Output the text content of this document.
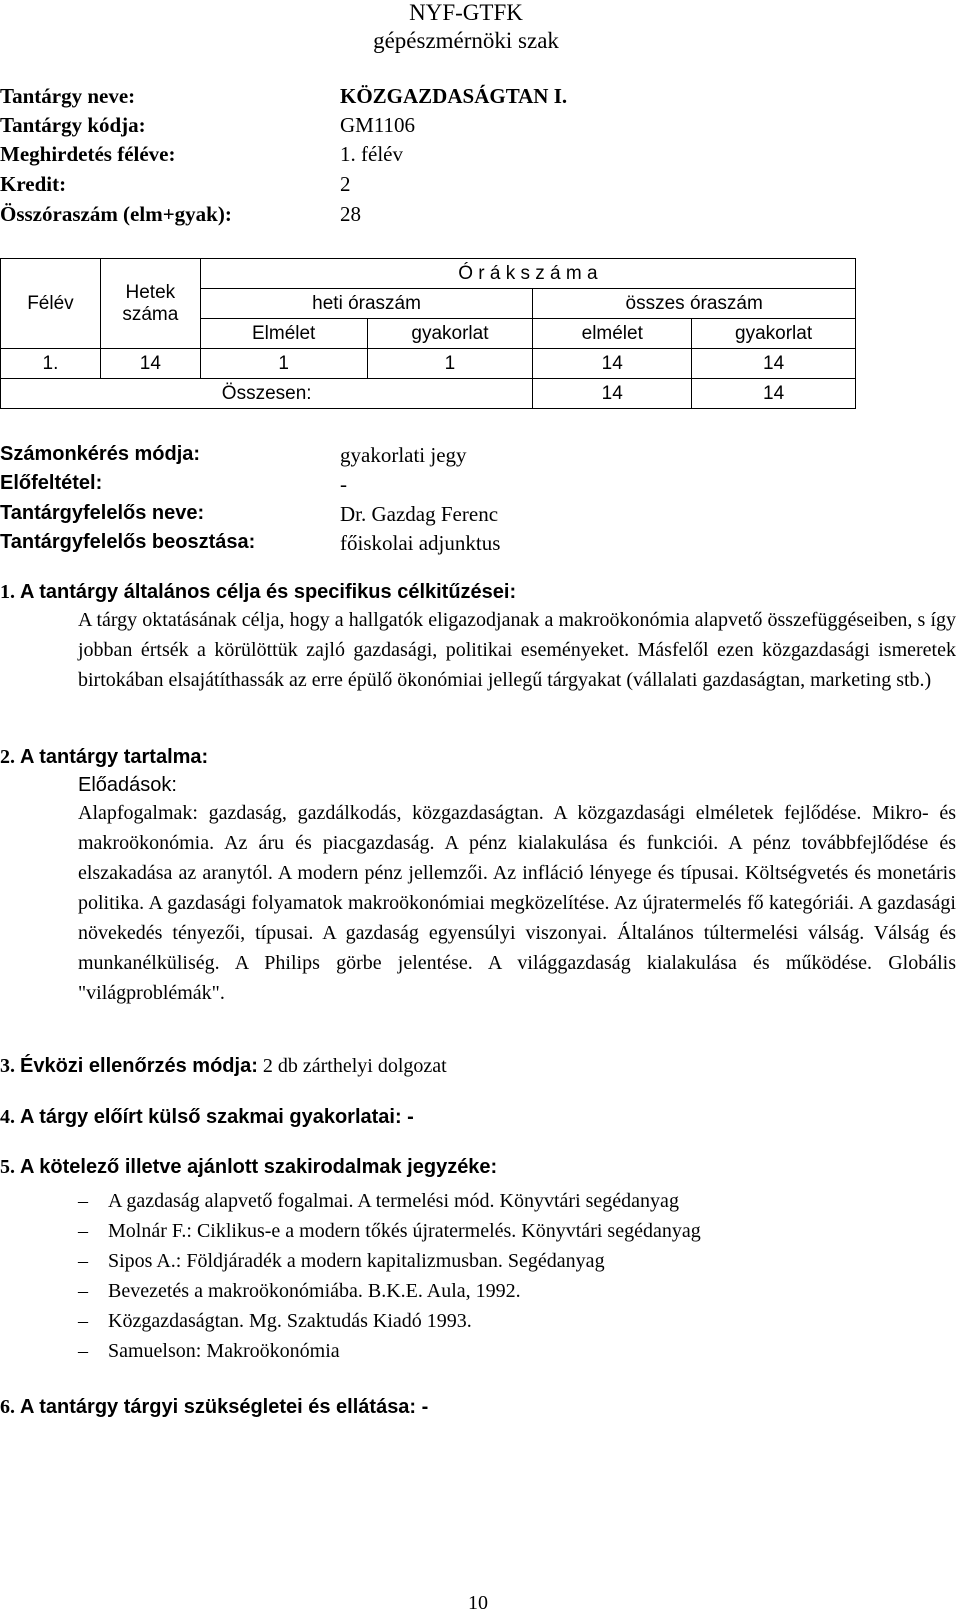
NYF-GTFK
gépészmérnöki szak
Tantárgy neve:	KÖZGAZDASÁGTAN I.
Tantárgy kódja:	GM1106
Meghirdetés féléve:	1. félév
Kredit:	2
Összóraszám (elm+gyak):	28
Félév	Hetek száma	Ó r á k s z á m a			
		heti óraszám		összes óraszám	
		Elmélet	gyakorlat	elmélet	gyakorlat
1.	14	1	1	14	14
Összesen:				14	14
Számonkérés módja:	gyakorlati jegy
Előfeltétel:	-
Tantárgyfelelős neve:	Dr. Gazdag Ferenc
Tantárgyfelelős beosztása:	főiskolai adjunktus
1. A tantárgy általános célja és specifikus célkitűzései:

A tárgy oktatásának célja, hogy a hallgatók eligazodjanak a makroökonómia alapvető összefüggéseiben, s így jobban értsék a körülöttük zajló gazdasági, politikai eseményeket. Másfelől ezen közgazdasági ismeretek birtokában elsajátíthassák az erre épülő ökonómiai jellegű tárgyakat (vállalati gazdaságtan, marketing stb.)

2. A tantárgy tartalma:
Előadások:

Alapfogalmak: gazdaság, gazdálkodás, közgazdaságtan. A közgazdasági elméletek fejlődése. Mikro- és makroökonómia. Az áru és piacgazdaság. A pénz kialakulása és funkciói. A pénz továbbfejlődése és elszakadása az aranytól. A modern pénz jellemzői. Az infláció lényege és típusai. Költségvetés és monetáris politika. A gazdasági folyamatok makroökonómiai megközelítése. Az újratermelés fő kategóriái. A gazdasági növekedés tényezői, típusai. A gazdaság egyensúlyi viszonyai. Általános túltermelési válság. Válság és munkanélküliség. A Philips görbe jelentése. A világgazdaság kialakulása és működése. Globális "világproblémák".

3. Évközi ellenőrzés módja: 2 db zárthelyi dolgozat
4. A tárgy előírt külső szakmai gyakorlatai: -
5. A kötelező illetve ajánlott szakirodalmak jegyzéke:
– A gazdaság alapvető fogalmai. A termelési mód. Könyvtári segédanyag
– Molnár F.: Ciklikus-e a modern tőkés újratermelés. Könyvtári segédanyag
– Sipos A.: Földjáradék a modern kapitalizmusban. Segédanyag
– Bevezetés a makroökonómiába. B.K.E. Aula, 1992.
– Közgazdaságtan. Mg. Szaktudás Kiadó 1993.
– Samuelson: Makroökonómia
6. A tantárgy tárgyi szükségletei és ellátása: -
10
